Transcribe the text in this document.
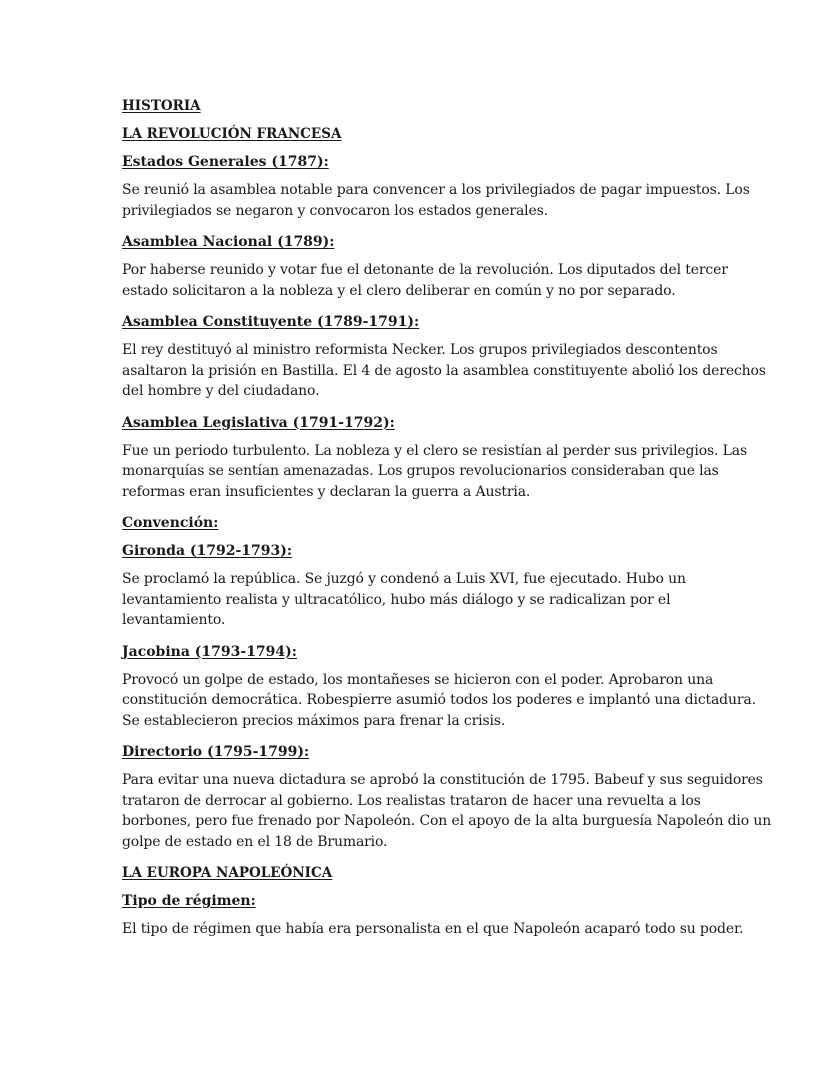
HISTORIA
LA REVOLUCIÓN FRANCESA
Estados Generales (1787):
Se reunió la asamblea notable para convencer a los privilegiados de pagar impuestos. Los
privilegiados se negaron y convocaron los estados generales.
Asamblea Nacional (1789):
Por haberse reunido y votar fue el detonante de la revolución. Los diputados del tercer
estado solicitaron a la nobleza y el clero deliberar en común y no por separado.
Asamblea Constituyente (1789-1791):
El rey destituyó al ministro reformista Necker. Los grupos privilegiados descontentos
asaltaron la prisión en Bastilla. El 4 de agosto la asamblea constituyente abolió los derechos
del hombre y del ciudadano.
Asamblea Legislativa (1791-1792):
Fue un periodo turbulento. La nobleza y el clero se resistían al perder sus privilegios. Las
monarquías se sentían amenazadas. Los grupos revolucionarios consideraban que las
reformas eran insuficientes y declaran la guerra a Austria.
Convención:
Gironda (1792-1793):
Se proclamó la república. Se juzgó y condenó a Luis XVI, fue ejecutado. Hubo un
levantamiento realista y ultracatólico, hubo más diálogo y se radicalizan por el
levantamiento.
Jacobina (1793-1794):
Provocó un golpe de estado, los montañeses se hicieron con el poder. Aprobaron una
constitución democrática. Robespierre asumió todos los poderes e implantó una dictadura.
Se establecieron precios máximos para frenar la crisis.
Directorio (1795-1799):
Para evitar una nueva dictadura se aprobó la constitución de 1795. Babeuf y sus seguidores
trataron de derrocar al gobierno. Los realistas trataron de hacer una revuelta a los
borbones, pero fue frenado por Napoleón. Con el apoyo de la alta burguesía Napoleón dio un
golpe de estado en el 18 de Brumario.
LA EUROPA NAPOLEÓNICA
Tipo de régimen:
El tipo de régimen que había era personalista en el que Napoleón acaparó todo su poder.
